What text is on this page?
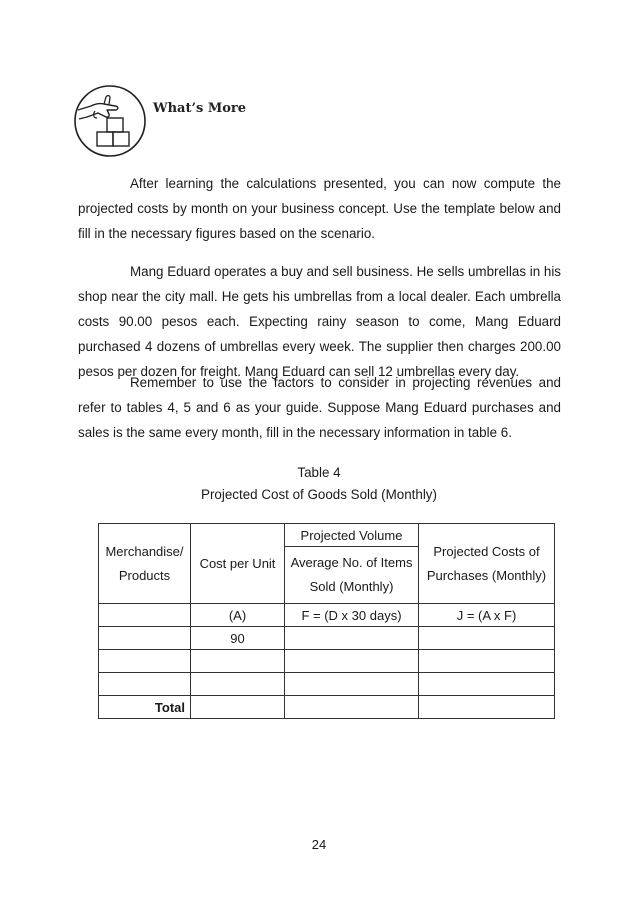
What’s More
After learning the calculations presented, you can now compute the projected costs by month on your business concept. Use the template below and fill in the necessary figures based on the scenario.
Mang Eduard operates a buy and sell business. He sells umbrellas in his shop near the city mall. He gets his umbrellas from a local dealer. Each umbrella costs 90.00 pesos each. Expecting rainy season to come, Mang Eduard purchased 4 dozens of umbrellas every week. The supplier then charges 200.00 pesos per dozen for freight. Mang Eduard can sell 12 umbrellas every day.
Remember to use the factors to consider in projecting revenues and refer to tables 4, 5 and 6 as your guide. Suppose Mang Eduard purchases and sales is the same every month, fill in the necessary information in table 6.
Table 4
Projected Cost of Goods Sold (Monthly)
Merchandise/ Products	Cost per Unit	Projected Volume	Projected Costs of Purchases (Monthly)
		Average No. of Items Sold (Monthly)	
	(A)	F = (D x 30 days)	J = (A x F)
	90		

Total			
24
